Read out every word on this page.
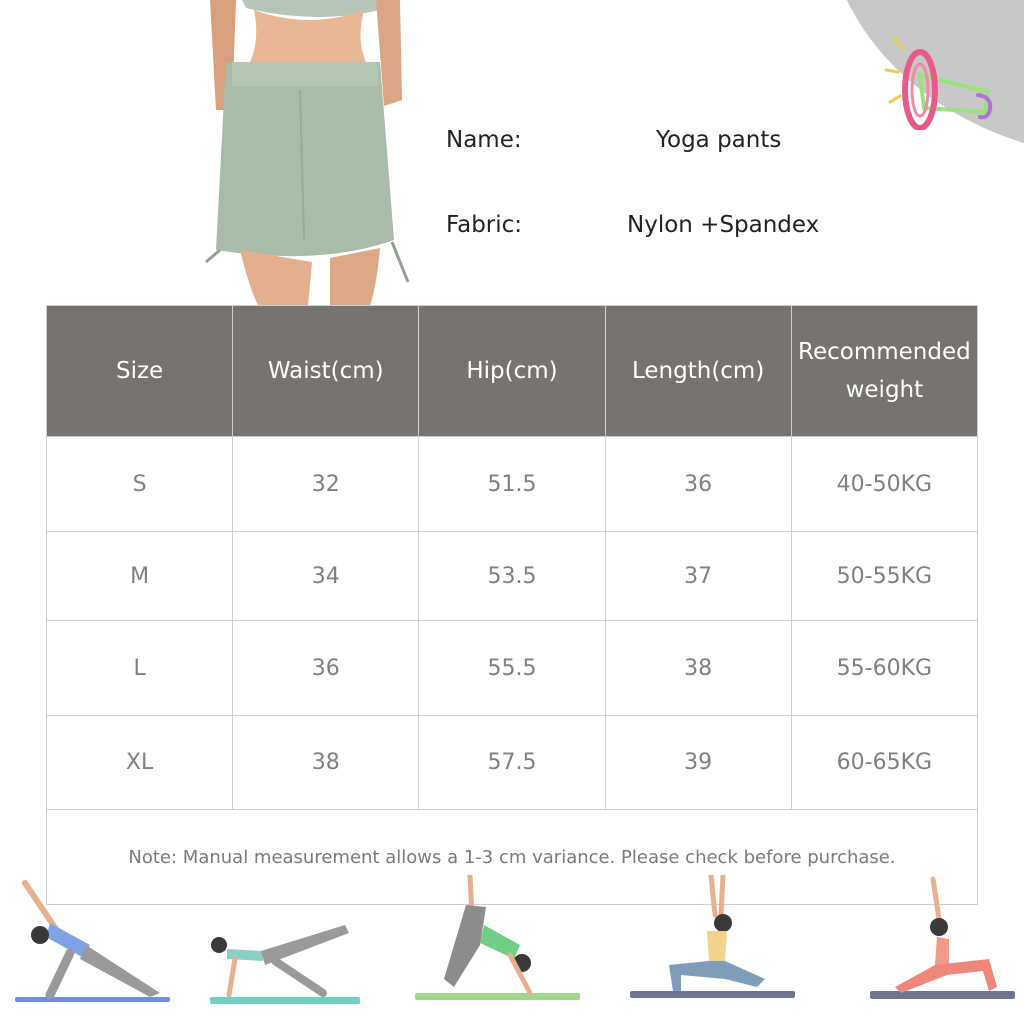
Name:	Yoga pants
Fabric:	Nylon +Spandex
Size	Waist(cm)	Hip(cm)	Length(cm)	Recommended weight
S	32	51.5	36	40-50KG
M	34	53.5	37	50-55KG
L	36	55.5	38	55-60KG
XL	38	57.5	39	60-65KG
Note: Manual measurement allows a 1-3 cm variance. Please check before purchase.				
